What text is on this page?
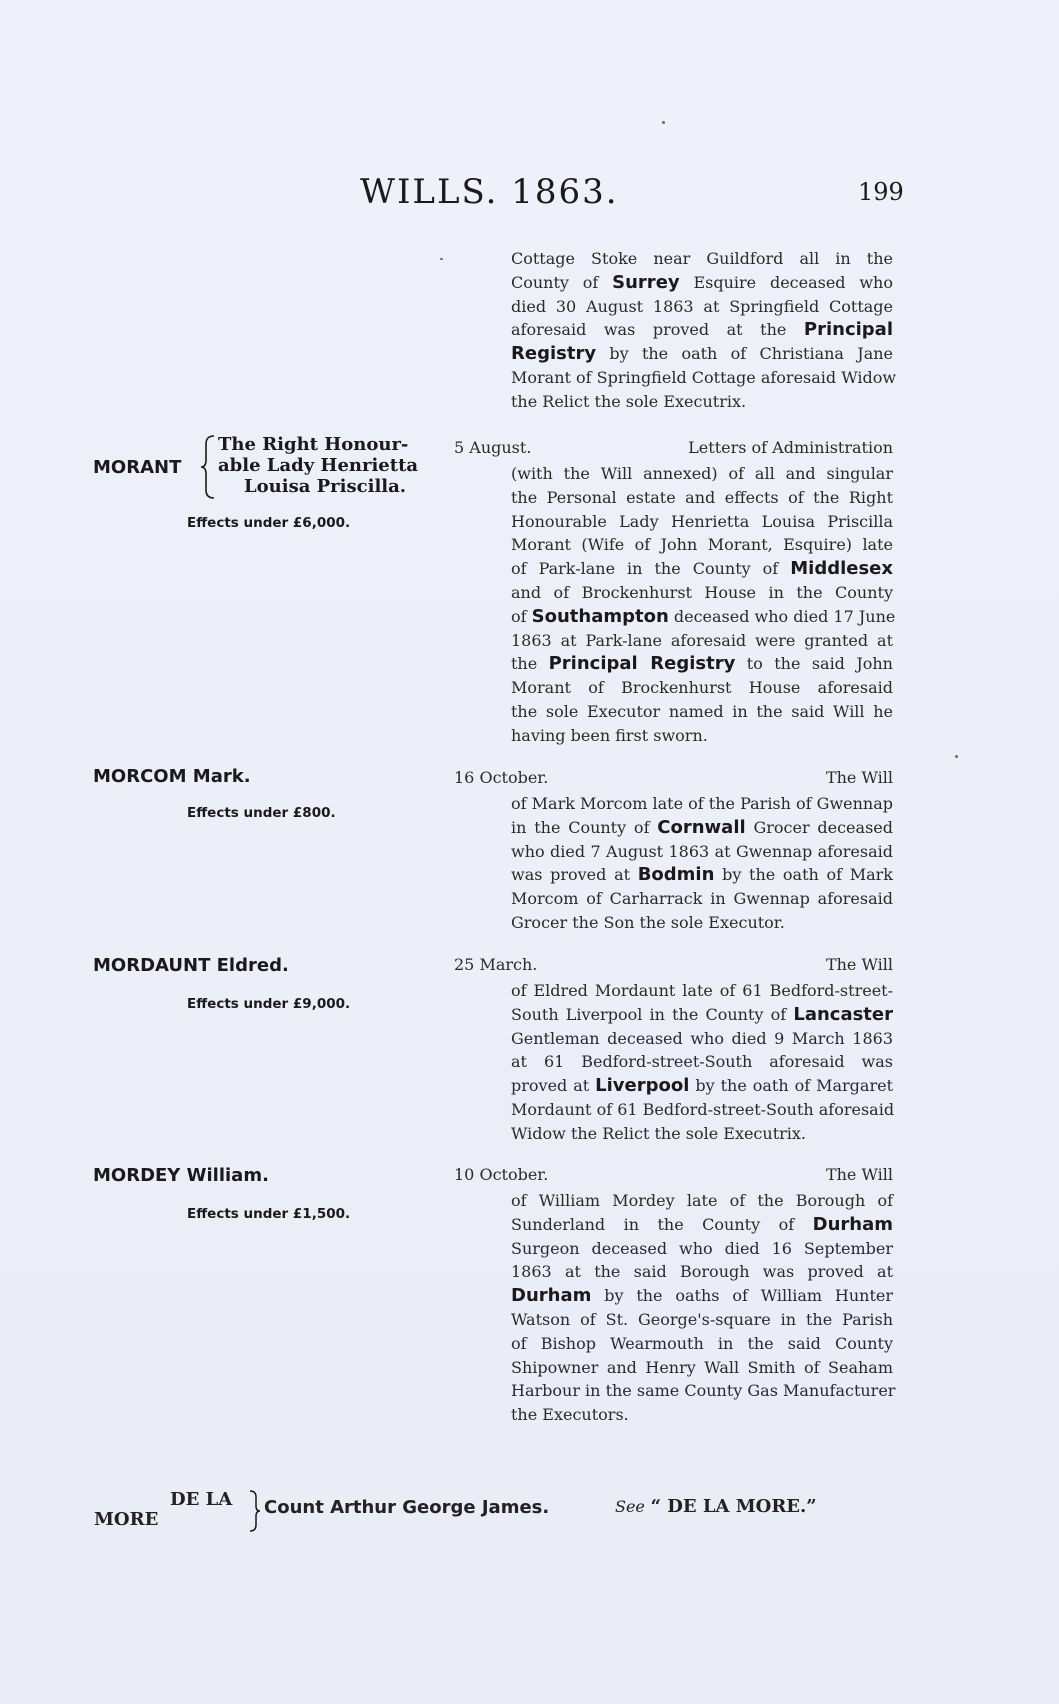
WILLS. 1863.	199
Cottage Stoke near Guildford all in the
County of Surrey Esquire deceased who
died 30 August 1863 at Springfield Cottage
aforesaid was proved at the Principal
Registry by the oath of Christiana Jane
Morant of Springfield Cottage aforesaid Widow
the Relict the sole Executrix.
MORANT
The Right Honour-
able Lady Henrietta
Louisa Priscilla.
Effects under £6,000.
5 August.	Letters of Administration
(with the Will annexed) of all and singular
the Personal estate and effects of the Right
Honourable Lady Henrietta Louisa Priscilla
Morant (Wife of John Morant, Esquire) late
of Park-lane in the County of Middlesex
and of Brockenhurst House in the County
of Southampton deceased who died 17 June
1863 at Park-lane aforesaid were granted at
the Principal Registry to the said John
Morant of Brockenhurst House aforesaid
the sole Executor named in the said Will he
having been first sworn.
MORCOM Mark.
Effects under £800.
16 October.	The Will
of Mark Morcom late of the Parish of Gwennap
in the County of Cornwall Grocer deceased
who died 7 August 1863 at Gwennap aforesaid
was proved at Bodmin by the oath of Mark
Morcom of Carharrack in Gwennap aforesaid
Grocer the Son the sole Executor.
MORDAUNT Eldred.
Effects under £9,000.
25 March.	The Will
of Eldred Mordaunt late of 61 Bedford-street-
South Liverpool in the County of Lancaster
Gentleman deceased who died 9 March 1863
at 61 Bedford-street-South aforesaid was
proved at Liverpool by the oath of Margaret
Mordaunt of 61 Bedford-street-South aforesaid
Widow the Relict the sole Executrix.
MORDEY William.
Effects under £1,500.
10 October.	The Will
of William Mordey late of the Borough of
Sunderland in the County of Durham
Surgeon deceased who died 16 September
1863 at the said Borough was proved at
Durham by the oaths of William Hunter
Watson of St. George's-square in the Parish
of Bishop Wearmouth in the said County
Shipowner and Henry Wall Smith of Seaham
Harbour in the same County Gas Manufacturer
the Executors.
DE LA
MORE
Count Arthur George James.	See “ DE LA MORE.”
